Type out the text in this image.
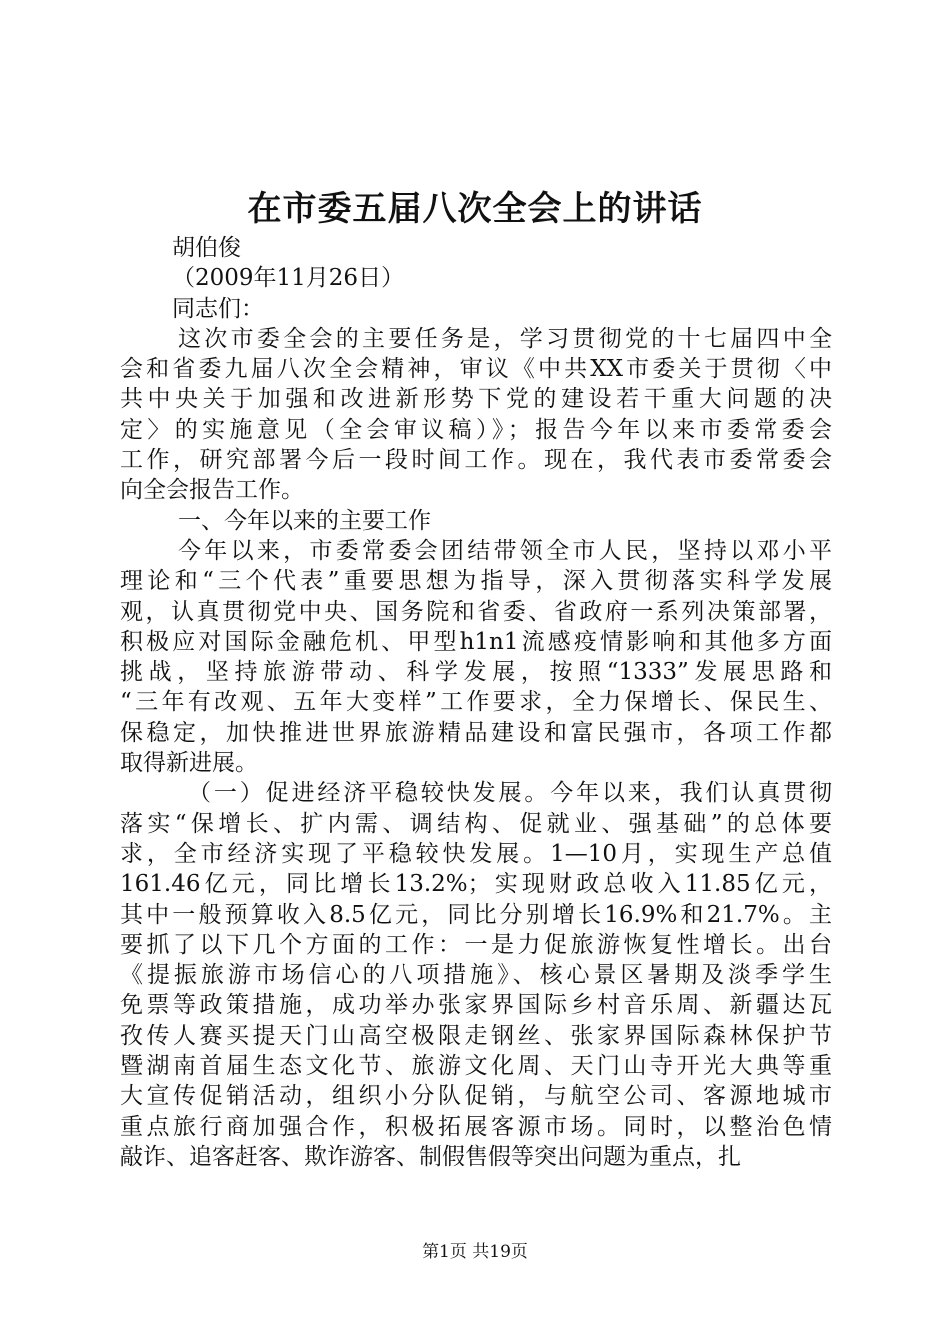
在市委五届八次全会上的讲话
胡伯俊
（2009年11月26日）
同志们：
这次市委全会的主要任务是，学习贯彻党的十七届四中全
会和省委九届八次全会精神，审议《中共XX市委关于贯彻〈中
共中央关于加强和改进新形势下党的建设若干重大问题的决
定〉的实施意见（全会审议稿）》；报告今年以来市委常委会
工作，研究部署今后一段时间工作。现在，我代表市委常委会
向全会报告工作。
一、今年以来的主要工作
今年以来，市委常委会团结带领全市人民，坚持以邓小平
理论和“三个代表”重要思想为指导，深入贯彻落实科学发展
观，认真贯彻党中央、国务院和省委、省政府一系列决策部署，
积极应对国际金融危机、甲型h1n1流感疫情影响和其他多方面
挑战，坚持旅游带动、科学发展，按照“1333”发展思路和
“三年有改观、五年大变样”工作要求，全力保增长、保民生、
保稳定，加快推进世界旅游精品建设和富民强市，各项工作都
取得新进展。
（一）促进经济平稳较快发展。今年以来，我们认真贯彻
落实“保增长、扩内需、调结构、促就业、强基础”的总体要
求，全市经济实现了平稳较快发展。1—10月，实现生产总值
161.46亿元，同比增长13.2%；实现财政总收入11.85亿元，
其中一般预算收入8.5亿元，同比分别增长16.9%和21.7%。主
要抓了以下几个方面的工作：一是力促旅游恢复性增长。出台
《提振旅游市场信心的八项措施》、核心景区暑期及淡季学生
免票等政策措施，成功举办张家界国际乡村音乐周、新疆达瓦
孜传人赛买提天门山高空极限走钢丝、张家界国际森林保护节
暨湖南首届生态文化节、旅游文化周、天门山寺开光大典等重
大宣传促销活动，组织小分队促销，与航空公司、客源地城市
重点旅行商加强合作，积极拓展客源市场。同时，以整治色情
敲诈、追客赶客、欺诈游客、制假售假等突出问题为重点，扎
第1页 共19页
